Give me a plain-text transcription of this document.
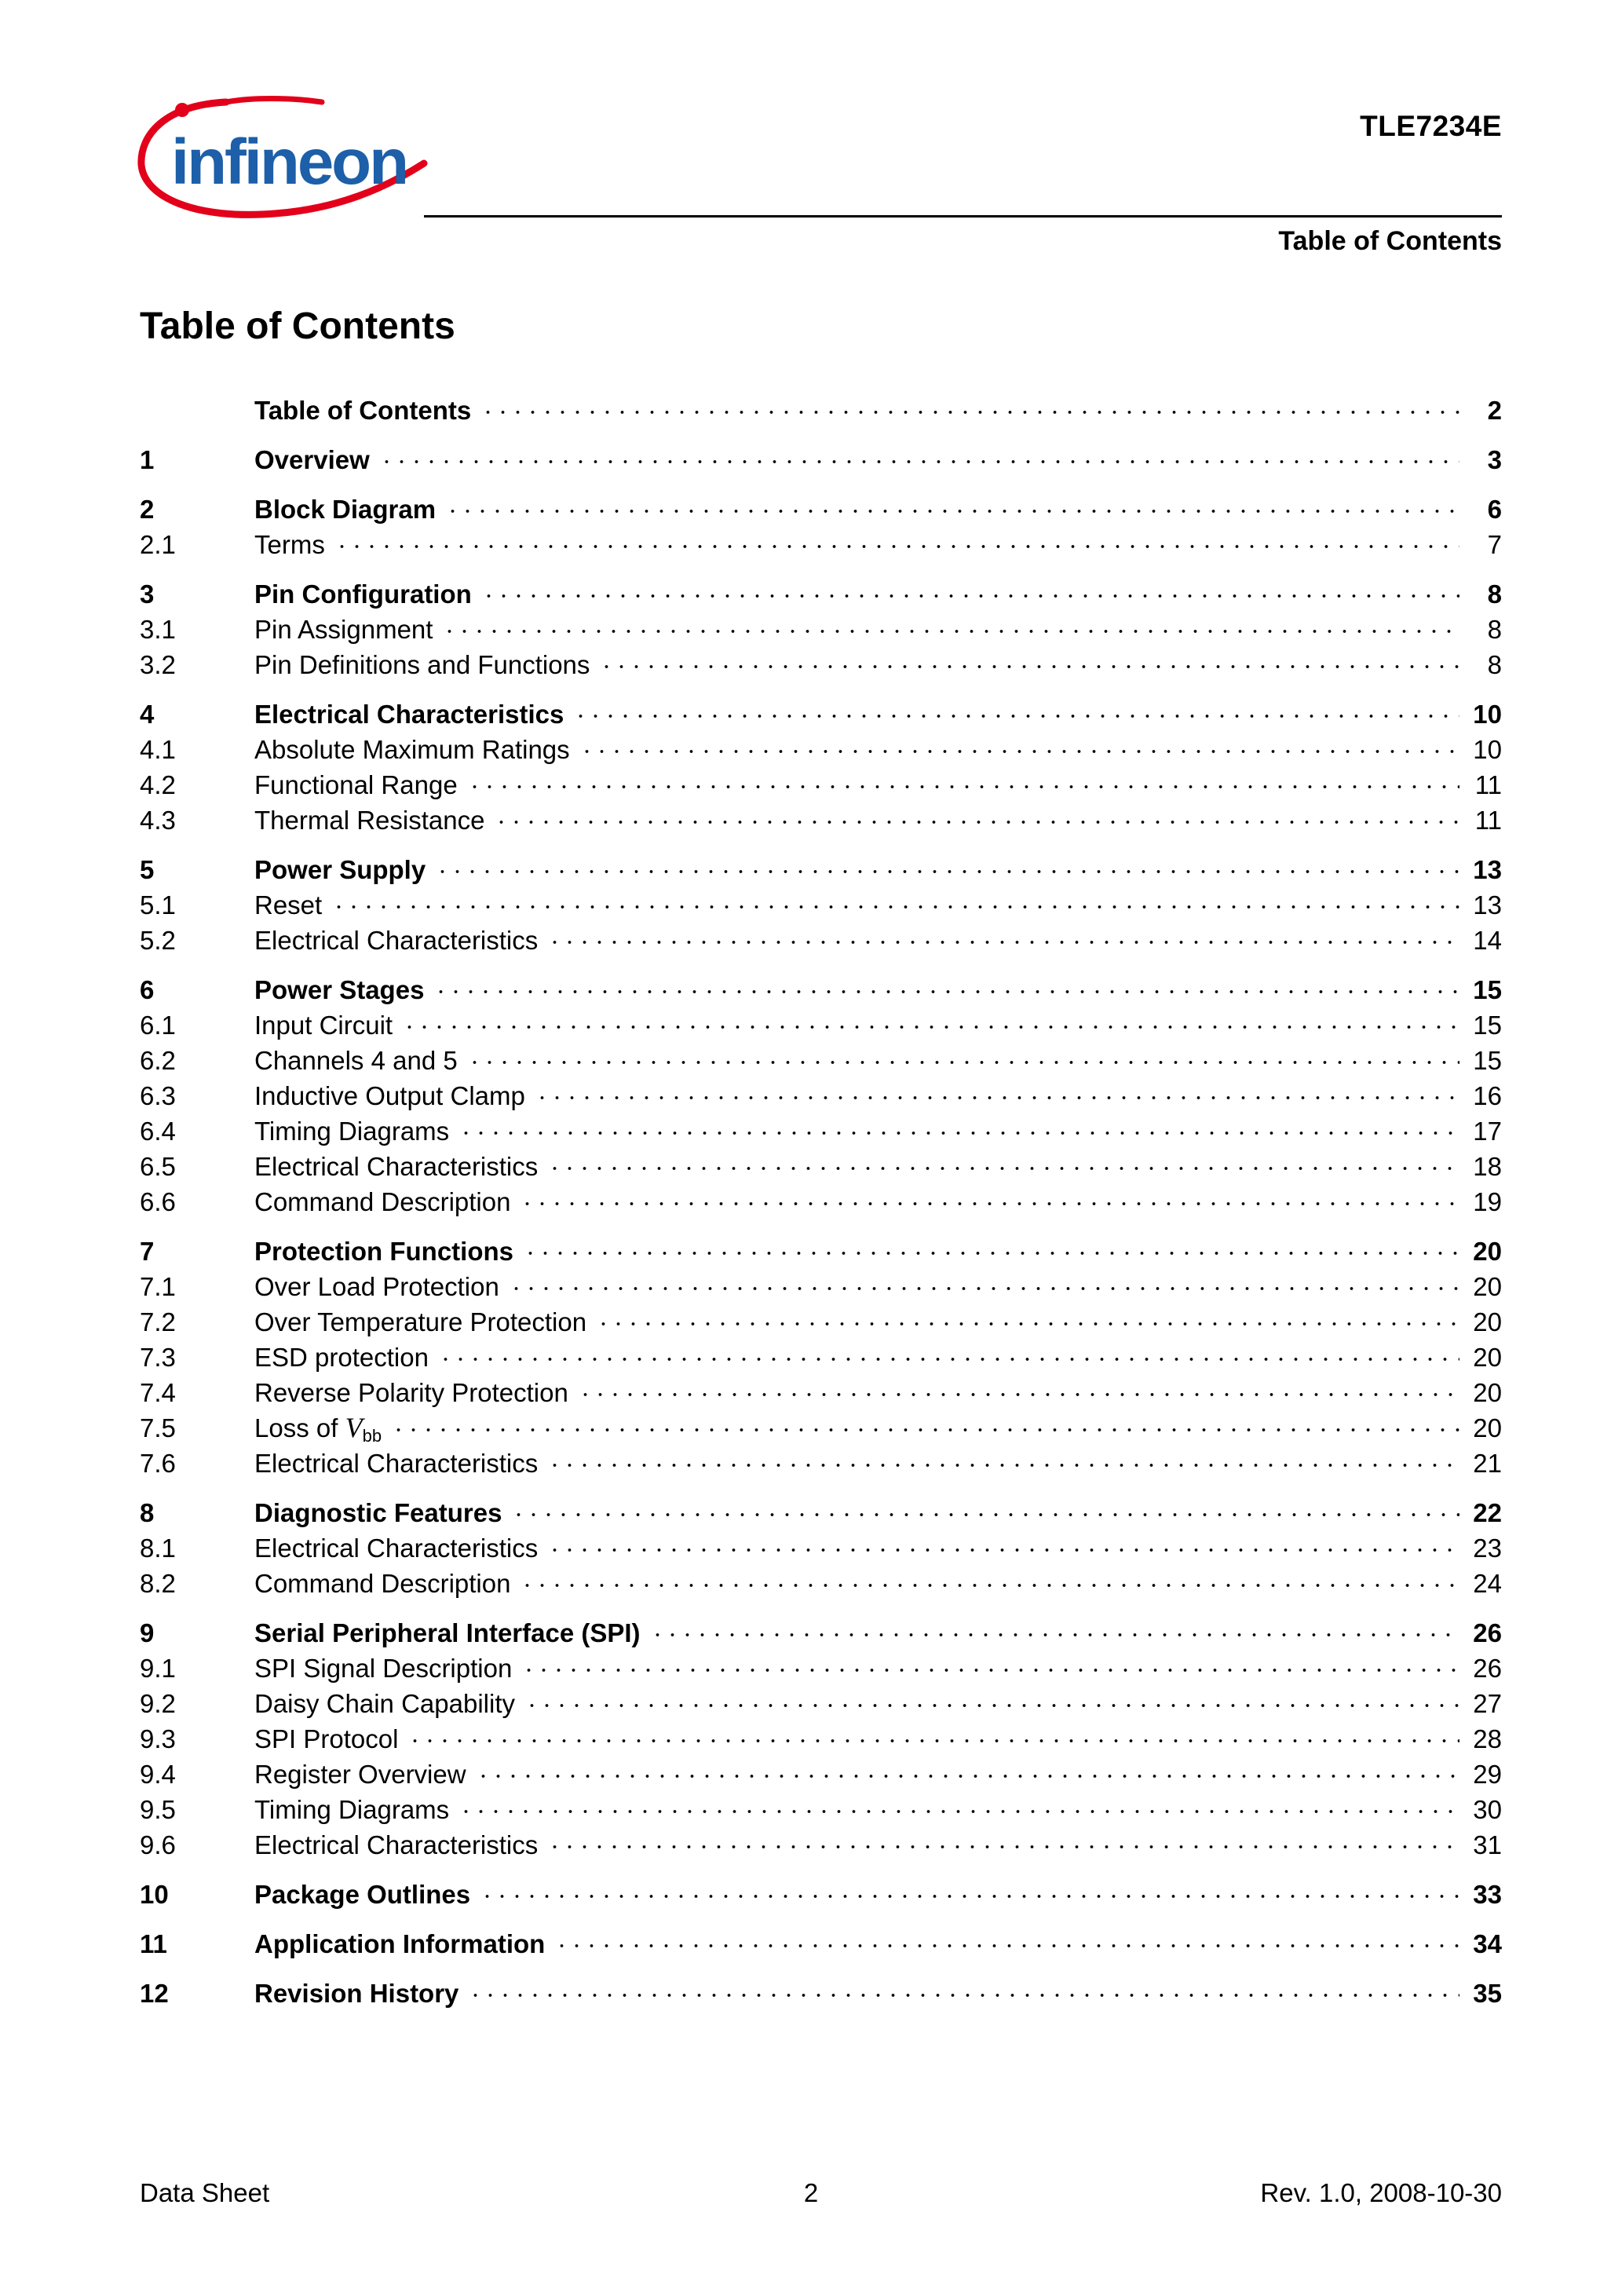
infineon
TLE7234E
Table of Contents
Table of Contents
Table of Contents	2
1	Overview	3
2	Block Diagram	6
2.1	Terms	7
3	Pin Configuration	8
3.1	Pin Assignment	8
3.2	Pin Definitions and Functions	8
4	Electrical Characteristics	10
4.1	Absolute Maximum Ratings	10
4.2	Functional Range	11
4.3	Thermal Resistance	11
5	Power Supply	13
5.1	Reset	13
5.2	Electrical Characteristics	14
6	Power Stages	15
6.1	Input Circuit	15
6.2	Channels 4 and 5	15
6.3	Inductive Output Clamp	16
6.4	Timing Diagrams	17
6.5	Electrical Characteristics	18
6.6	Command Description	19
7	Protection Functions	20
7.1	Over Load Protection	20
7.2	Over Temperature Protection	20
7.3	ESD protection	20
7.4	Reverse Polarity Protection	20
7.5	Loss of $V_{bb}$	20
7.6	Electrical Characteristics	21
8	Diagnostic Features	22
8.1	Electrical Characteristics	23
8.2	Command Description	24
9	Serial Peripheral Interface (SPI)	26
9.1	SPI Signal Description	26
9.2	Daisy Chain Capability	27
9.3	SPI Protocol	28
9.4	Register Overview	29
9.5	Timing Diagrams	30
9.6	Electrical Characteristics	31
10	Package Outlines	33
11	Application Information	34
12	Revision History	35
Data Sheet	2	Rev. 1.0, 2008-10-30
